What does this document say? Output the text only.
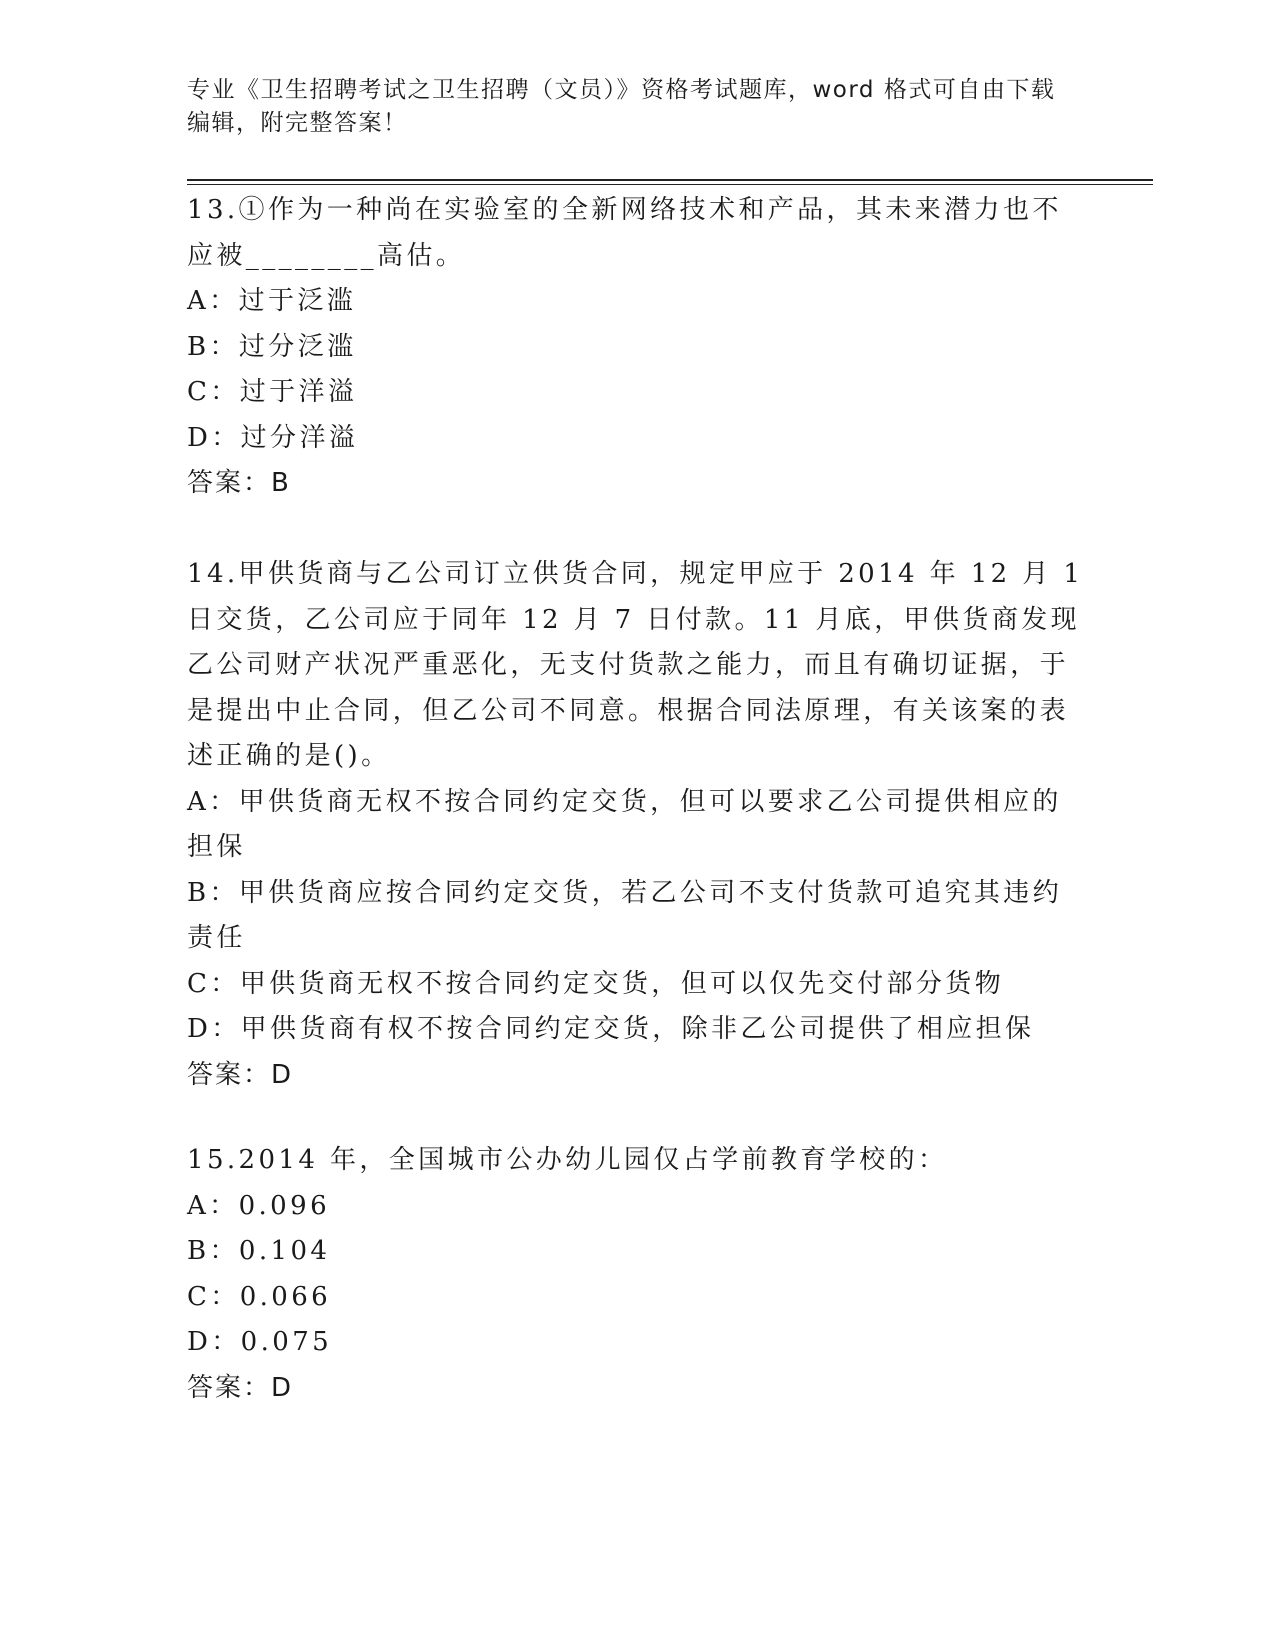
专业《卫生招聘考试之卫生招聘（文员）》资格考试题库，word 格式可自由下载
编辑，附完整答案！
13.①作为一种尚在实验室的全新网络技术和产品，其未来潜力也不应被________高估。
A：过于泛滥
B：过分泛滥
C：过于洋溢
D：过分洋溢
答案：B
14.甲供货商与乙公司订立供货合同，规定甲应于 2014 年 12 月 1 日交货，乙公司应于同年 12 月 7 日付款。11 月底，甲供货商发现乙公司财产状况严重恶化，无支付货款之能力，而且有确切证据，于是提出中止合同，但乙公司不同意。根据合同法原理，有关该案的表述正确的是()。
A：甲供货商无权不按合同约定交货，但可以要求乙公司提供相应的担保
B：甲供货商应按合同约定交货，若乙公司不支付货款可追究其违约责任
C：甲供货商无权不按合同约定交货，但可以仅先交付部分货物
D：甲供货商有权不按合同约定交货，除非乙公司提供了相应担保
答案：D
15.2014 年，全国城市公办幼儿园仅占学前教育学校的：
A：0.096
B：0.104
C：0.066
D：0.075
答案：D
